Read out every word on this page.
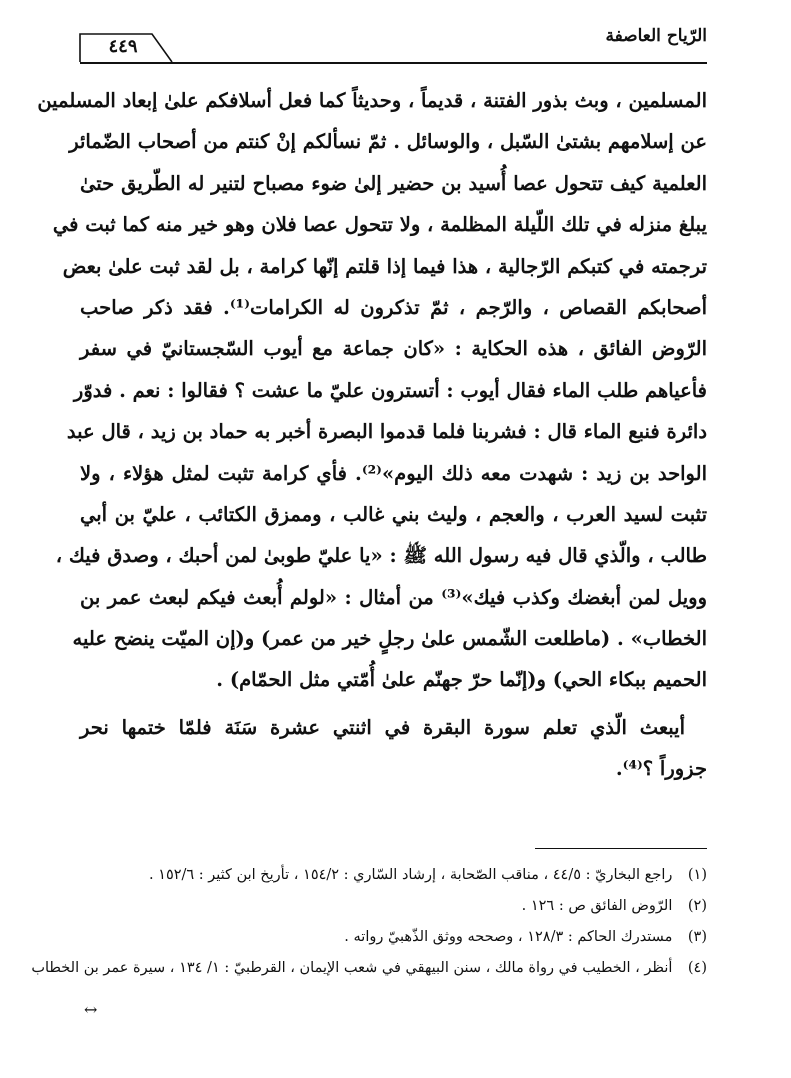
الرّياح العاصفة
٤٤٩
المسلمين ، وبث بذور الفتنة ، قديماً ، وحديثاً كما فعل أسلافكم علىٰ إبعاد المسلمين
عن إسلامهم بشتىٰ السّبل ، والوسائل . ثمّ نسألكم إنْ كنتم من أصحاب الضّمائر
العلمية كيف تتحول عصا أُسيد بن حضير إلىٰ ضوء مصباح لتنير له الطّريق حتىٰ
يبلغ منزله في تلك اللّيلة المظلمة ، ولا تتحول عصا فلان وهو خير منه كما ثبت في
ترجمته في كتبكم الرّجالية ، هذا فيما إذا قلتم إنّها كرامة ، بل لقد ثبت علىٰ بعض
أصحابكم القصاص ، والرّجم ، ثمّ تذكرون له الكرامات⁽¹⁾. فقد ذكر صاحب
الرّوض الفائق ، هذه الحكاية : «كان جماعة مع أيوب السّجستانيّ في سفر
فأعياهم طلب الماء فقال أيوب : أتسترون عليّ ما عشت ؟ فقالوا : نعم . فدوّر
دائرة فنبع الماء قال : فشربنا فلما قدموا البصرة أخبر به حماد بن زيد ، قال عبد
الواحد بن زيد : شهدت معه ذلك اليوم»⁽²⁾. فأي كرامة تثبت لمثل هؤلاء ، ولا
تثبت لسيد العرب ، والعجم ، وليث بني غالب ، وممزق الكتائب ، عليّ بن أبي
طالب ، والّذي قال فيه رسول الله ﷺ : «يا عليّ طوبىٰ لمن أحبك ، وصدق فيك ،
وويل لمن أبغضك وكذب فيك»⁽³⁾ من أمثال : «لولم أُبعث فيكم لبعث عمر بن
الخطاب» . (ماطلعت الشّمس علىٰ رجلٍ خير من عمر) و(إن الميّت ينضح عليه
الحميم ببكاء الحي) و(إنّما حرّ جهنّم علىٰ أُمّتي مثل الحمّام) .
أيبعث الّذي تعلم سورة البقرة في اثنتي عشرة سَنَة فلمّا ختمها نحر
جزوراً ؟⁽⁴⁾.
(١) راجع البخاريّ : ٤٤/٥ ، مناقب الصّحابة ، إرشاد السّاري : ١٥٤/٢ ، تأريخ ابن كثير : ١٥٢/٦ .
(٢) الرّوض الفائق ص : ١٢٦ .
(٣) مستدرك الحاكم : ١٢٨/٣ ، وصححه ووثق الذّهبيّ رواته .
(٤) أنظر ، الخطيب في رواة مالك ، سنن البيهقي في شعب الإيمان ، القرطبيّ : ١/ ١٣٤ ، سيرة عمر بن الخطاب
↔
